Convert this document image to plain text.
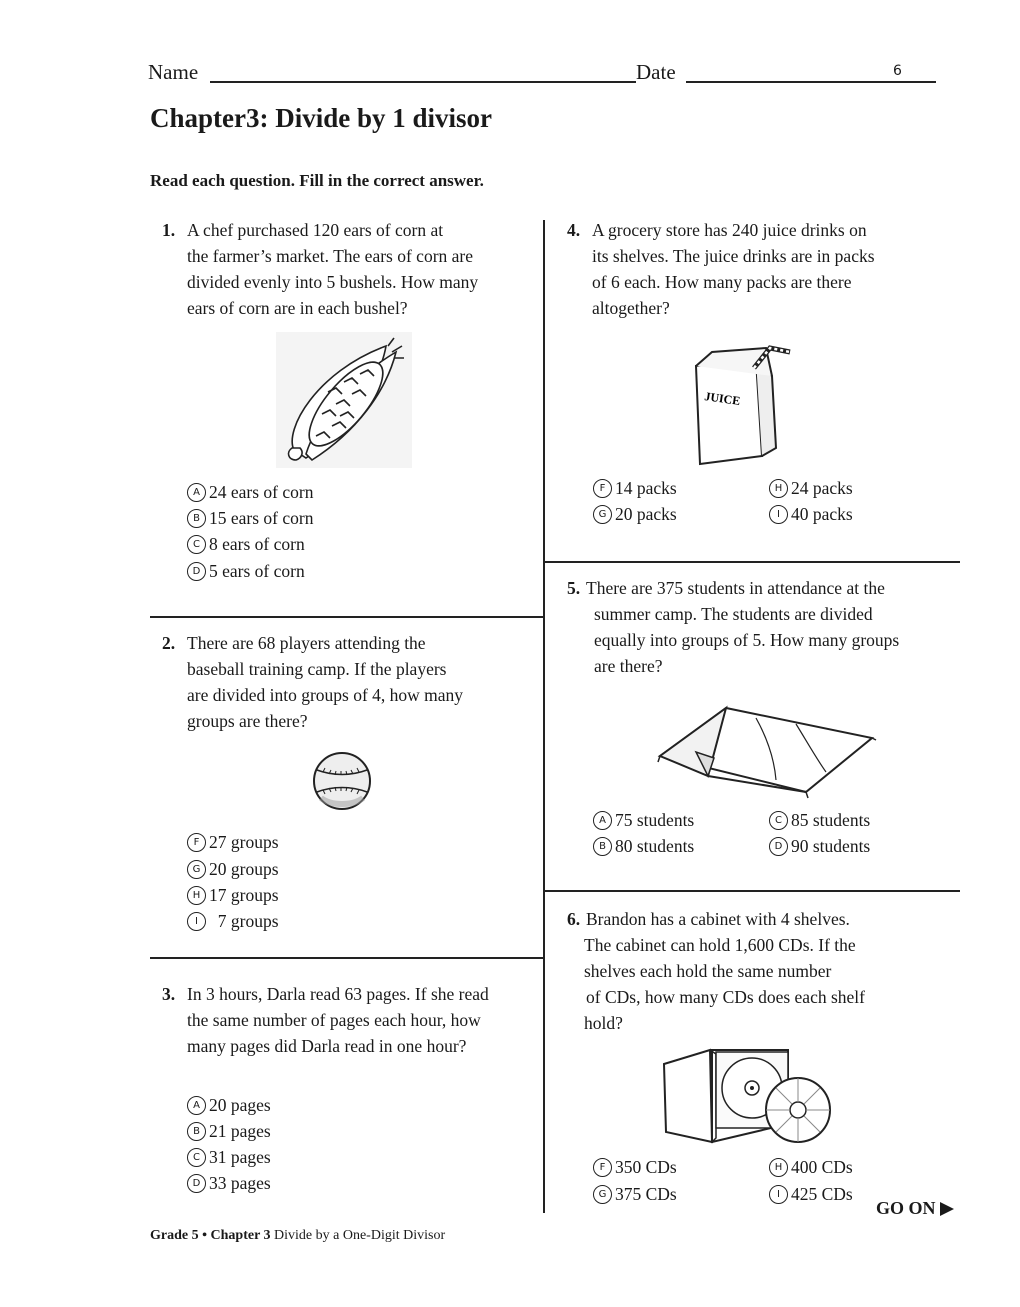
Name	Date	6
Chapter3: Divide by 1 divisor
Read each question. Fill in the correct answer.
1. A chef purchased 120 ears of corn at
the farmer’s market. The ears of corn are
divided evenly into 5 bushels. How many
ears of corn are in each bushel?
A 24 ears of corn
B 15 ears of corn
C 8 ears of corn
D 5 ears of corn
2. There are 68 players attending the
baseball training camp. If the players
are divided into groups of 4, how many
groups are there?
F 27 groups
G 20 groups
H 17 groups
I 7 groups
3. In 3 hours, Darla read 63 pages. If she read
the same number of pages each hour, how
many pages did Darla read in one hour?
A 20 pages
B 21 pages
C 31 pages
D 33 pages
4. A grocery store has 240 juice drinks on
its shelves. The juice drinks are in packs
of 6 each. How many packs are there
altogether?
JUICE
F 14 packs
G 20 packs
H 24 packs
I 40 packs
5. There are 375 students in attendance at the
summer camp. The students are divided
equally into groups of 5. How many groups
are there?
A 75 students
B 80 students
C 85 students
D 90 students
6. Brandon has a cabinet with 4 shelves.
The cabinet can hold 1,600 CDs. If the
shelves each hold the same number
of CDs, how many CDs does each shelf
hold?
F 350 CDs
G 375 CDs
H 400 CDs
I 425 CDs
GO ON
Grade 5 • Chapter 3 Divide by a One-Digit Divisor
